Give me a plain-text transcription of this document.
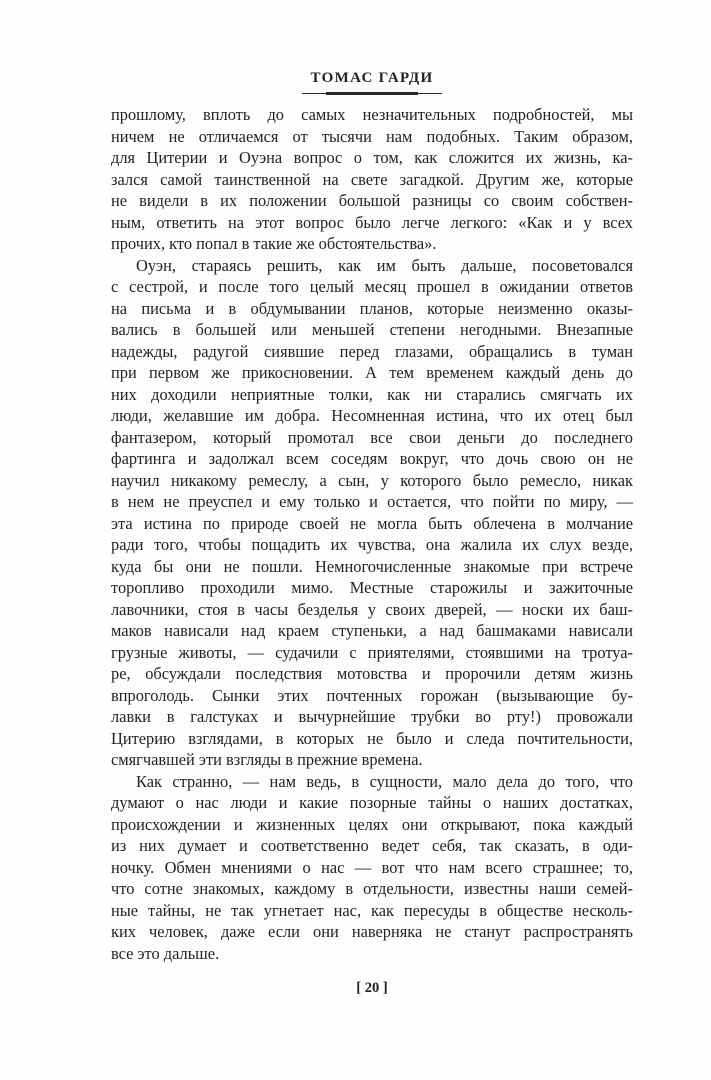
ТОМАС ГАРДИ
прошлому, вплоть до самых незначительных подробностей, мы
ничем не отличаемся от тысячи нам подобных. Таким образом,
для Цитерии и Оуэна вопрос о том, как сложится их жизнь, ка-
зался самой таинственной на свете загадкой. Другим же, которые
не видели в их положении большой разницы со своим собствен-
ным, ответить на этот вопрос было легче легкого: «Как и у всех
прочих, кто попал в такие же обстоятельства».
Оуэн, стараясь решить, как им быть дальше, посоветовался
с сестрой, и после того целый месяц прошел в ожидании ответов
на письма и в обдумывании планов, которые неизменно оказы-
вались в большей или меньшей степени негодными. Внезапные
надежды, радугой сиявшие перед глазами, обращались в туман
при первом же прикосновении. А тем временем каждый день до
них доходили неприятные толки, как ни старались смягчать их
люди, желавшие им добра. Несомненная истина, что их отец был
фантазером, который промотал все свои деньги до последнего
фартинга и задолжал всем соседям вокруг, что дочь свою он не
научил никакому ремеслу, а сын, у которого было ремесло, никак
в нем не преуспел и ему только и остается, что пойти по миру, —
эта истина по природе своей не могла быть облечена в молчание
ради того, чтобы пощадить их чувства, она жалила их слух везде,
куда бы они не пошли. Немногочисленные знакомые при встрече
торопливо проходили мимо. Местные старожилы и зажиточные
лавочники, стоя в часы безделья у своих дверей, — носки их баш-
маков нависали над краем ступеньки, а над башмаками нависали
грузные животы, — судачили с приятелями, стоявшими на тротуа-
ре, обсуждали последствия мотовства и пророчили детям жизнь
впроголодь. Сынки этих почтенных горожан (вызывающие бу-
лавки в галстуках и вычурнейшие трубки во рту!) провожали
Цитерию взглядами, в которых не было и следа почтительности,
смягчавшей эти взгляды в прежние времена.
Как странно, — нам ведь, в сущности, мало дела до того, что
думают о нас люди и какие позорные тайны о наших достатках,
происхождении и жизненных целях они открывают, пока каждый
из них думает и соответственно ведет себя, так сказать, в оди-
ночку. Обмен мнениями о нас — вот что нам всего страшнее; то,
что сотне знакомых, каждому в отдельности, известны наши семей-
ные тайны, не так угнетает нас, как пересуды в обществе несколь-
ких человек, даже если они наверняка не станут распространять
все это дальше.
[ 20 ]
